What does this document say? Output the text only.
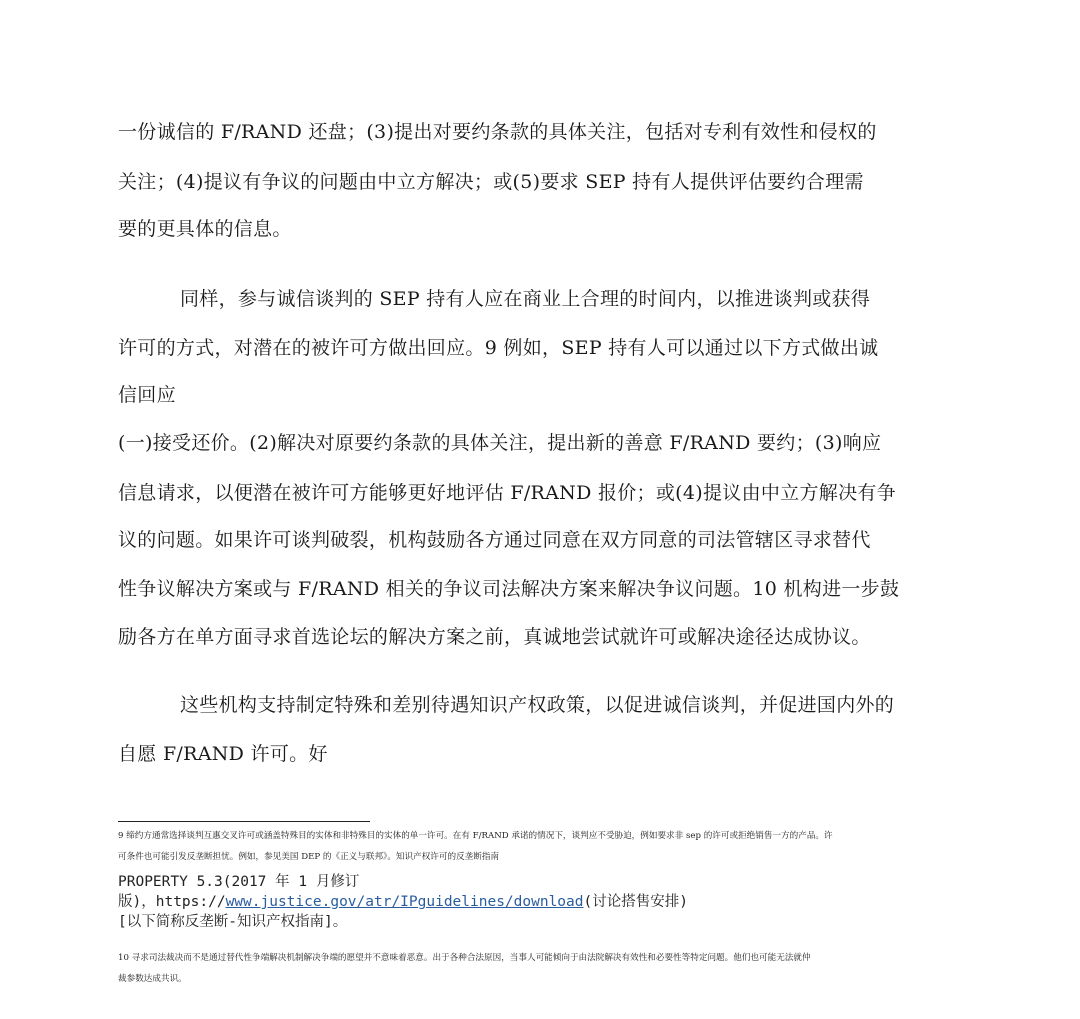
一份诚信的 F/RAND 还盘；(3)提出对要约条款的具体关注，包括对专利有效性和侵权的
关注；(4)提议有争议的问题由中立方解决；或(5)要求 SEP 持有人提供评估要约合理需
要的更具体的信息。
同样，参与诚信谈判的 SEP 持有人应在商业上合理的时间内，以推进谈判或获得
许可的方式，对潜在的被许可方做出回应。9 例如，SEP 持有人可以通过以下方式做出诚
信回应
(一)接受还价。(2)解决对原要约条款的具体关注，提出新的善意 F/RAND 要约；(3)响应
信息请求，以便潜在被许可方能够更好地评估 F/RAND 报价；或(4)提议由中立方解决有争
议的问题。如果许可谈判破裂，机构鼓励各方通过同意在双方同意的司法管辖区寻求替代
性争议解决方案或与 F/RAND 相关的争议司法解决方案来解决争议问题。10 机构进一步鼓
励各方在单方面寻求首选论坛的解决方案之前，真诚地尝试就许可或解决途径达成协议。
这些机构支持制定特殊和差别待遇知识产权政策，以促进诚信谈判，并促进国内外的
自愿 F/RAND 许可。好
9 缔约方通常选择谈判互惠交叉许可或涵盖特殊目的实体和非特殊目的实体的单一许可。在有 F/RAND 承诺的情况下，谈判应不受胁迫，例如要求非 sep 的许可或拒绝销售一方的产品。许
可条件也可能引发反垄断担忧。例如，参见美国 DEP 的《正义与联邦》。知识产权许可的反垄断指南
PROPERTY 5.3(2017 年 1 月修订
版)，https://www.justice.gov/atr/IPguidelines/download(讨论搭售安排)
[以下简称反垄断-知识产权指南]。
10 寻求司法裁决而不是通过替代性争端解决机制解决争端的愿望并不意味着恶意。出于各种合法原因，当事人可能倾向于由法院解决有效性和必要性等特定问题。他们也可能无法就仲
裁参数达成共识。
